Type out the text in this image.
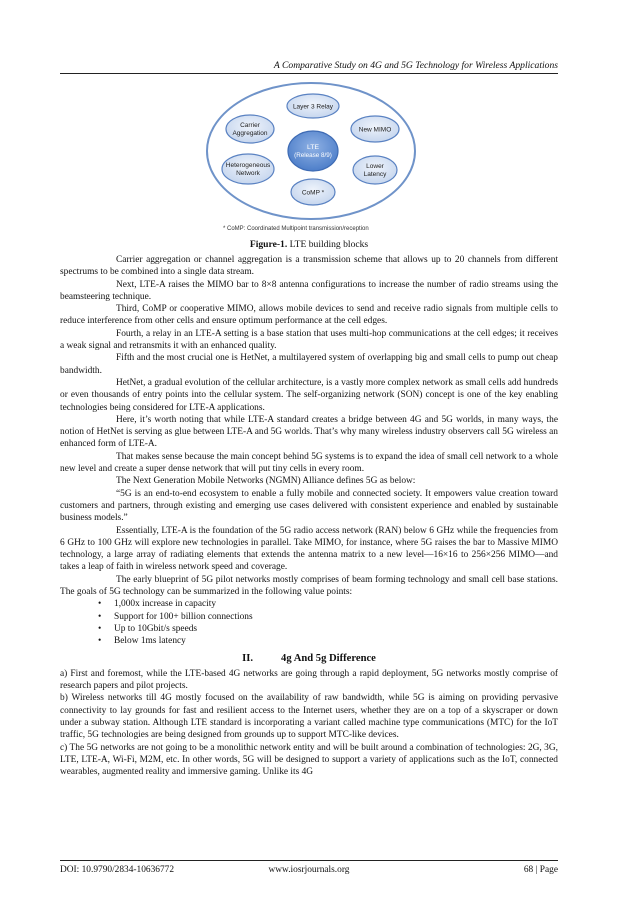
A Comparative Study on 4G and 5G Technology for Wireless Applications
Layer 3 Relay
Carrier
Aggregation	New MIMO
LTE
(Release 8/9)
Heterogeneous
Network
Lower
Latency
CoMP *
* CoMP: Coordinated Multipoint transmission/reception
Figure-1. LTE building blocks

Carrier aggregation or channel aggregation is a transmission scheme that allows up to 20 channels from different spectrums to be combined into a single data stream.

Next, LTE-A raises the MIMO bar to 8×8 antenna configurations to increase the number of radio streams using the beamsteering technique.

Third, CoMP or cooperative MIMO, allows mobile devices to send and receive radio signals from multiple cells to reduce interference from other cells and ensure optimum performance at the cell edges.

Fourth, a relay in an LTE-A setting is a base station that uses multi-hop communications at the cell edges; it receives a weak signal and retransmits it with an enhanced quality.

Fifth and the most crucial one is HetNet, a multilayered system of overlapping big and small cells to pump out cheap bandwidth.

HetNet, a gradual evolution of the cellular architecture, is a vastly more complex network as small cells add hundreds or even thousands of entry points into the cellular system. The self-organizing network (SON) concept is one of the key enabling technologies being considered for LTE-A applications.

Here, it’s worth noting that while LTE-A standard creates a bridge between 4G and 5G worlds, in many ways, the notion of HetNet is serving as glue between LTE-A and 5G worlds. That’s why many wireless industry observers call 5G wireless an enhanced form of LTE-A.

That makes sense because the main concept behind 5G systems is to expand the idea of small cell network to a whole new level and create a super dense network that will put tiny cells in every room.

The Next Generation Mobile Networks (NGMN) Alliance defines 5G as below:

“5G is an end-to-end ecosystem to enable a fully mobile and connected society. It empowers value creation toward customers and partners, through existing and emerging use cases delivered with consistent experience and enabled by sustainable business models.”

Essentially, LTE-A is the foundation of the 5G radio access network (RAN) below 6 GHz while the frequencies from 6 GHz to 100 GHz will explore new technologies in parallel. Take MIMO, for instance, where 5G raises the bar to Massive MIMO technology, a large array of radiating elements that extends the antenna matrix to a new level—16×16 to 256×256 MIMO—and takes a leap of faith in wireless network speed and coverage.

The early blueprint of 5G pilot networks mostly comprises of beam forming technology and small cell base stations. The goals of 5G technology can be summarized in the following value points:

• 1,000x increase in capacity
• Support for 100+ billion connections
• Up to 10Gbit/s speeds
• Below 1ms latency
II.	4g And 5g Difference

a) First and foremost, while the LTE-based 4G networks are going through a rapid deployment, 5G networks mostly comprise of research papers and pilot projects.

b) Wireless networks till 4G mostly focused on the availability of raw bandwidth, while 5G is aiming on providing pervasive connectivity to lay grounds for fast and resilient access to the Internet users, whether they are on a top of a skyscraper or down under a subway station. Although LTE standard is incorporating a variant called machine type communications (MTC) for the IoT traffic, 5G technologies are being designed from grounds up to support MTC-like devices.

c) The 5G networks are not going to be a monolithic network entity and will be built around a combination of technologies: 2G, 3G, LTE, LTE-A, Wi-Fi, M2M, etc. In other words, 5G will be designed to support a variety of applications such as the IoT, connected wearables, augmented reality and immersive gaming. Unlike its 4G

DOI: 10.9790/2834-10636772	www.iosrjournals.org	68 | Page
